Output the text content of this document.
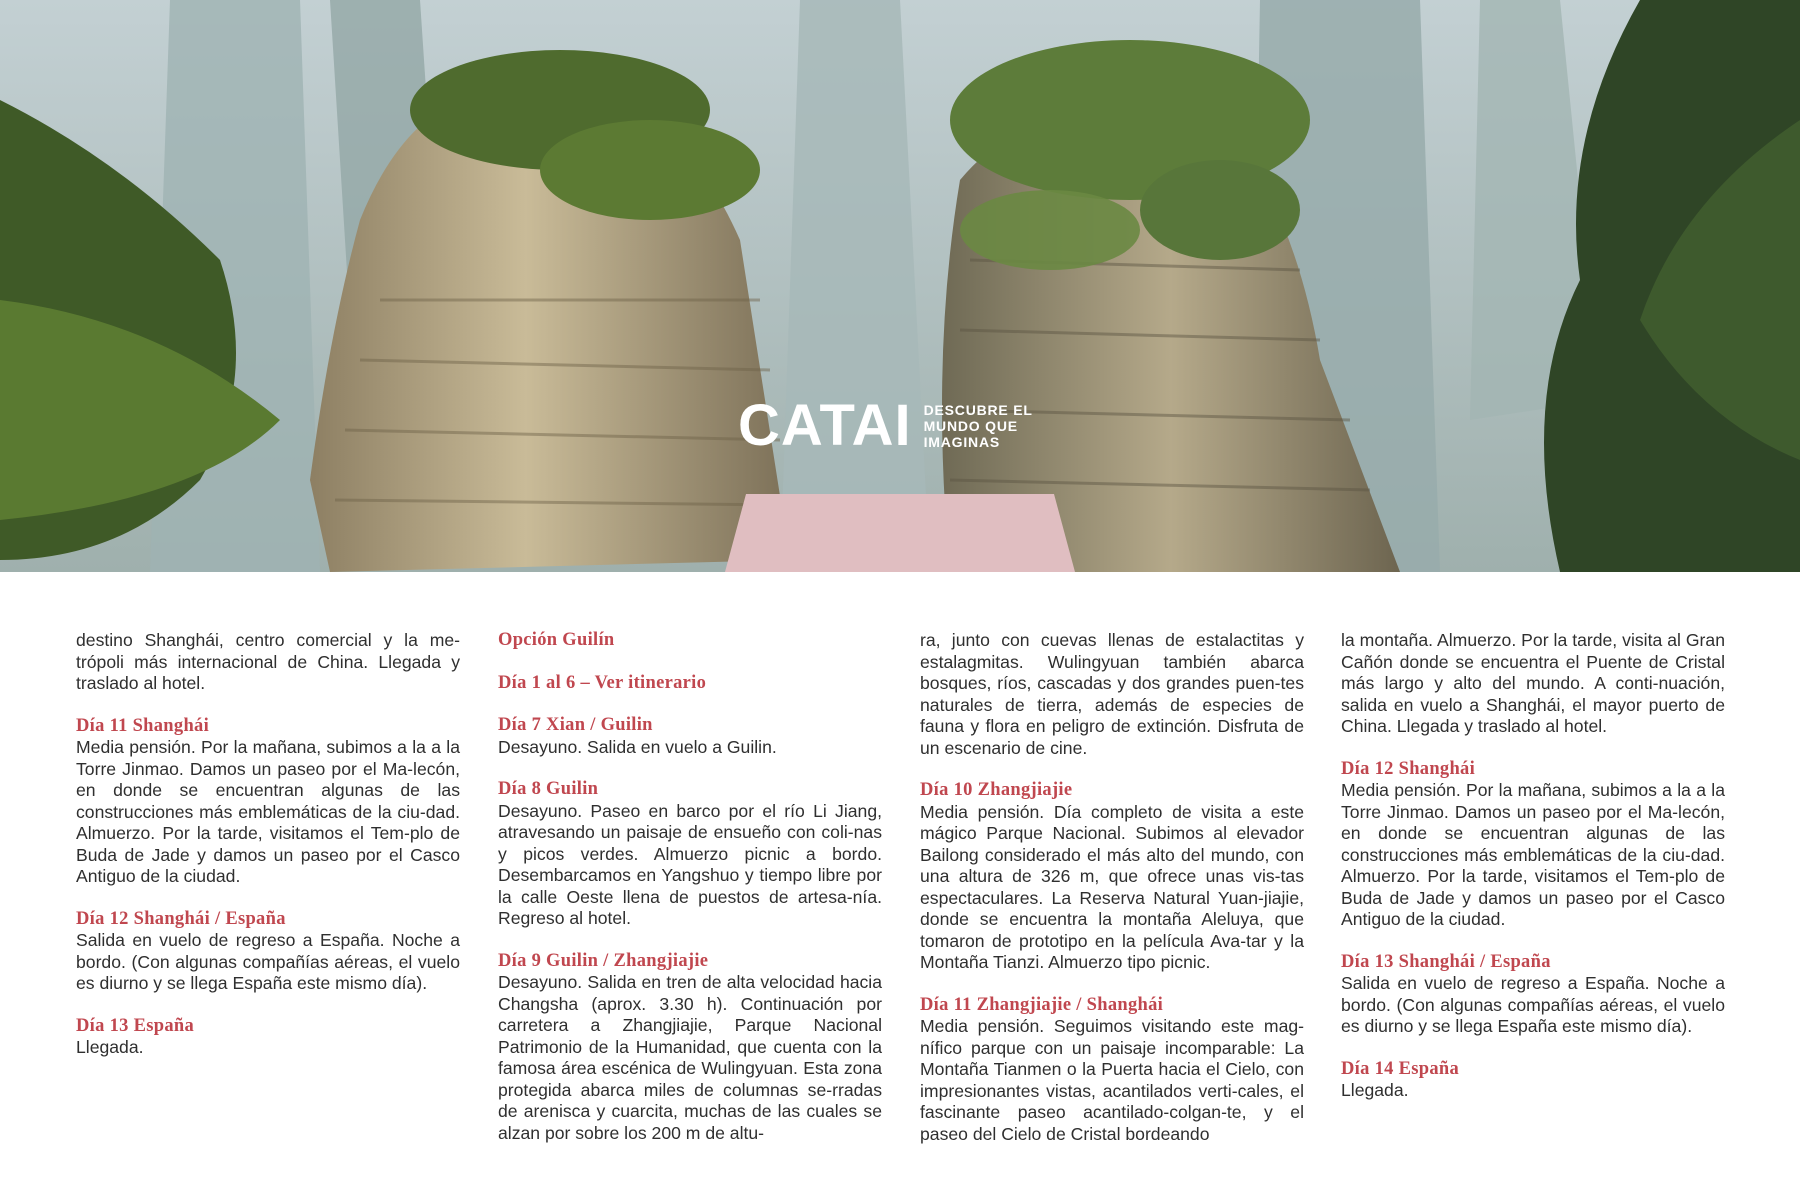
CATAI DESCUBRE EL
MUNDO QUE
IMAGINAS

destino Shanghái, centro comercial y la me-trópoli más internacional de China. Llegada y traslado al hotel.

Día 11 Shanghái

Media pensión. Por la mañana, subimos a la a la Torre Jinmao. Damos un paseo por el Ma-lecón, en donde se encuentran algunas de las construcciones más emblemáticas de la ciu-dad. Almuerzo. Por la tarde, visitamos el Tem-plo de Buda de Jade y damos un paseo por el Casco Antiguo de la ciudad.

Día 12 Shanghái / España

Salida en vuelo de regreso a España. Noche a bordo. (Con algunas compañías aéreas, el vuelo es diurno y se llega España este mismo día).

Día 13 España

Llegada.

Opción Guilín
Día 1 al 6 – Ver itinerario
Día 7 Xian / Guilin

Desayuno. Salida en vuelo a Guilin.

Día 8 Guilin

Desayuno. Paseo en barco por el río Li Jiang, atravesando un paisaje de ensueño con coli-nas y picos verdes. Almuerzo picnic a bordo. Desembarcamos en Yangshuo y tiempo libre por la calle Oeste llena de puestos de artesa-nía. Regreso al hotel.

Día 9 Guilin / Zhangjiajie

Desayuno. Salida en tren de alta velocidad hacia Changsha (aprox. 3.30 h). Continuación por carretera a Zhangjiajie, Parque Nacional Patrimonio de la Humanidad, que cuenta con la famosa área escénica de Wulingyuan. Esta zona protegida abarca miles de columnas se-rradas de arenisca y cuarcita, muchas de las cuales se alzan por sobre los 200 m de altu-

ra, junto con cuevas llenas de estalactitas y estalagmitas. Wulingyuan también abarca bosques, ríos, cascadas y dos grandes puen-tes naturales de tierra, además de especies de fauna y flora en peligro de extinción. Disfruta de un escenario de cine.

Día 10 Zhangjiajie

Media pensión. Día completo de visita a este mágico Parque Nacional. Subimos al elevador Bailong considerado el más alto del mundo, con una altura de 326 m, que ofrece unas vis-tas espectaculares. La Reserva Natural Yuan-jiajie, donde se encuentra la montaña Aleluya, que tomaron de prototipo en la película Ava-tar y la Montaña Tianzi. Almuerzo tipo picnic.

Día 11 Zhangjiajie / Shanghái

Media pensión. Seguimos visitando este mag-nífico parque con un paisaje incomparable: La Montaña Tianmen o la Puerta hacia el Cielo, con impresionantes vistas, acantilados verti-cales, el fascinante paseo acantilado-colgan-te, y el paseo del Cielo de Cristal bordeando

la montaña. Almuerzo. Por la tarde, visita al Gran Cañón donde se encuentra el Puente de Cristal más largo y alto del mundo. A conti-nuación, salida en vuelo a Shanghái, el mayor puerto de China. Llegada y traslado al hotel.

Día 12 Shanghái

Media pensión. Por la mañana, subimos a la a la Torre Jinmao. Damos un paseo por el Ma-lecón, en donde se encuentran algunas de las construcciones más emblemáticas de la ciu-dad. Almuerzo. Por la tarde, visitamos el Tem-plo de Buda de Jade y damos un paseo por el Casco Antiguo de la ciudad.

Día 13 Shanghái / España

Salida en vuelo de regreso a España. Noche a bordo. (Con algunas compañías aéreas, el vuelo es diurno y se llega España este mismo día).

Día 14 España

Llegada.
